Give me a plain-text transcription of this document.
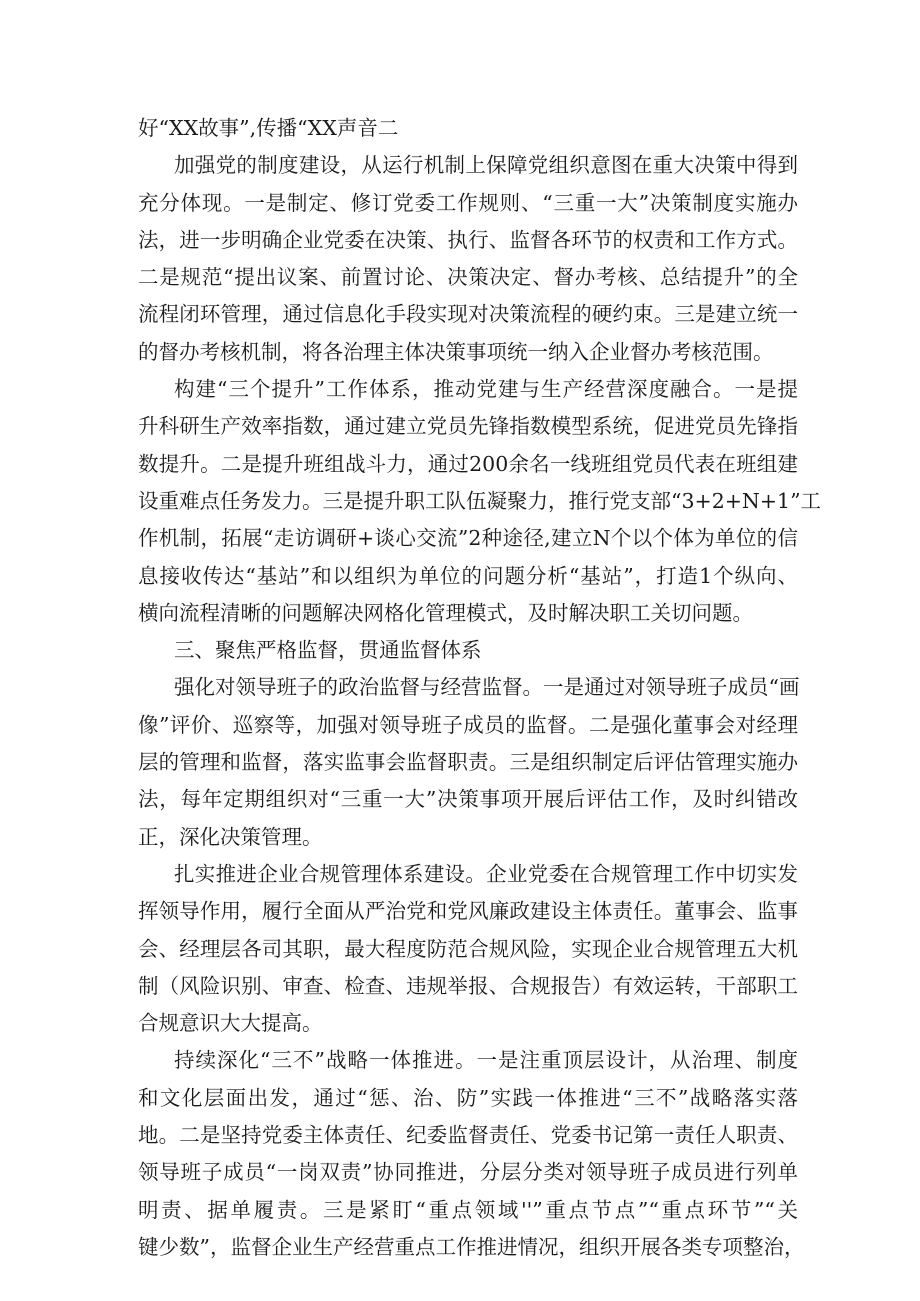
好“XX故事”,传播“XX声音二
加强党的制度建设，从运行机制上保障党组织意图在重大决策中得到
充分体现。一是制定、修订党委工作规则、“三重一大”决策制度实施办
法，进一步明确企业党委在决策、执行、监督各环节的权责和工作方式。
二是规范“提出议案、前置讨论、决策决定、督办考核、总结提升”的全
流程闭环管理，通过信息化手段实现对决策流程的硬约束。三是建立统一
的督办考核机制，将各治理主体决策事项统一纳入企业督办考核范围。
构建“三个提升”工作体系，推动党建与生产经营深度融合。一是提
升科研生产效率指数，通过建立党员先锋指数模型系统，促进党员先锋指
数提升。二是提升班组战斗力，通过200余名一线班组党员代表在班组建
设重难点任务发力。三是提升职工队伍凝聚力，推行党支部“3+2+N+1”工
作机制，拓展“走访调研+谈心交流”2种途径,建立N个以个体为单位的信
息接收传达“基站”和以组织为单位的问题分析“基站”，打造1个纵向、
横向流程清晰的问题解决网格化管理模式，及时解决职工关切问题。
三、聚焦严格监督，贯通监督体系
强化对领导班子的政治监督与经营监督。一是通过对领导班子成员“画
像”评价、巡察等，加强对领导班子成员的监督。二是强化董事会对经理
层的管理和监督，落实监事会监督职责。三是组织制定后评估管理实施办
法，每年定期组织对“三重一大”决策事项开展后评估工作，及时纠错改
正，深化决策管理。
扎实推进企业合规管理体系建设。企业党委在合规管理工作中切实发
挥领导作用，履行全面从严治党和党风廉政建设主体责任。董事会、监事
会、经理层各司其职，最大程度防范合规风险，实现企业合规管理五大机
制（风险识别、审查、检查、违规举报、合规报告）有效运转，干部职工
合规意识大大提高。
持续深化“三不”战略一体推进。一是注重顶层设计，从治理、制度
和文化层面出发，通过“惩、治、防”实践一体推进“三不”战略落实落
地。二是坚持党委主体责任、纪委监督责任、党委书记第一责任人职责、
领导班子成员“一岗双责”协同推进，分层分类对领导班子成员进行列单
明责、据单履责。三是紧盯“重点领域''”重点节点”“重点环节”“关
键少数”，监督企业生产经营重点工作推进情况，组织开展各类专项整治，
